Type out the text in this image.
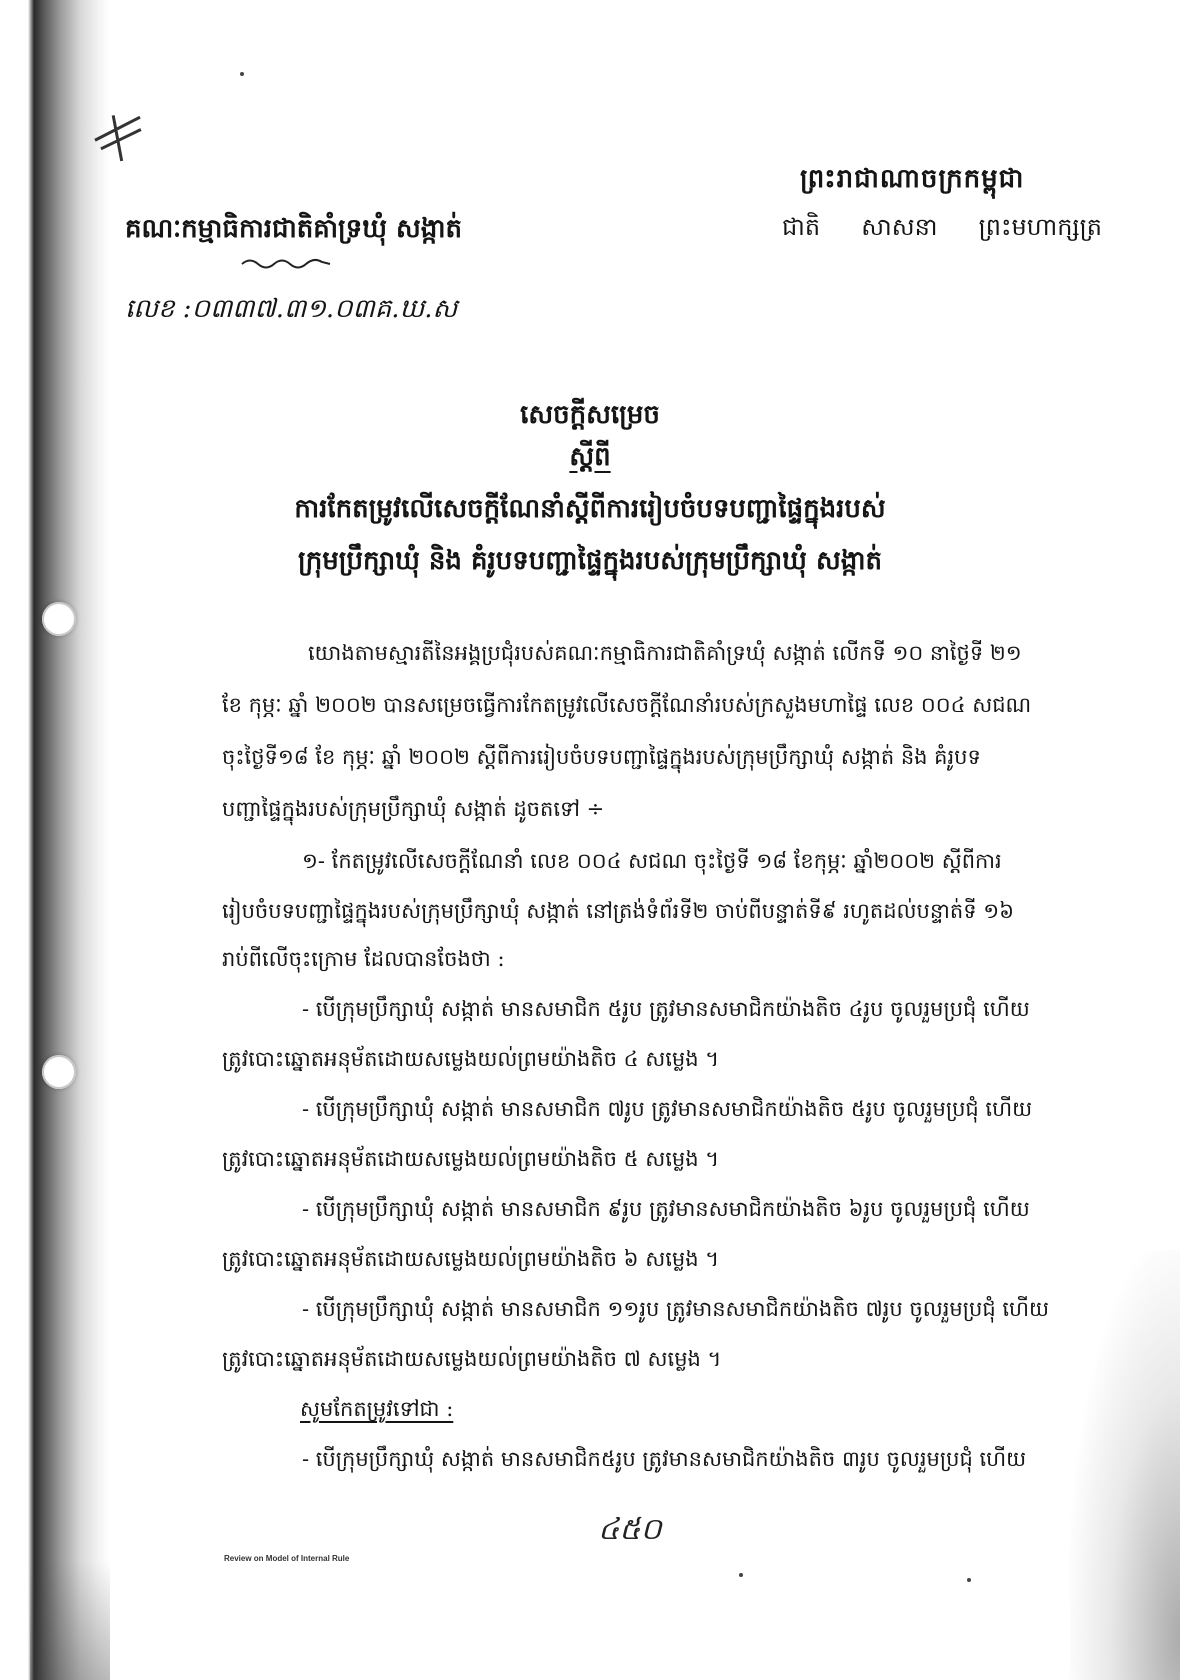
ព្រះរាជាណាចក្រកម្ពុជា
ជាតិ សាសនា ព្រះមហាក្សត្រ
គណៈកម្មាធិការជាតិគាំទ្រឃុំ សង្កាត់
លេខ :០៣៣៧.៣១.០៣គ.ឃ.ស
សេចក្តីសម្រេច
ស្តីពី
ការកែតម្រូវលើសេចក្តីណែនាំស្តីពីការរៀបចំបទបញ្ជាផ្ទៃក្នុងរបស់
ក្រុមប្រឹក្សាឃុំ និង គំរូបទបញ្ជាផ្ទៃក្នុងរបស់ក្រុមប្រឹក្សាឃុំ សង្កាត់
យោងតាមស្មារតីនៃអង្គប្រជុំរបស់គណៈកម្មាធិការជាតិគាំទ្រឃុំ សង្កាត់ លើកទី ១០ នាថ្ងៃទី ២១
ខែ កុម្ភៈ ឆ្នាំ ២០០២ បានសម្រេចធ្វើការកែតម្រូវលើសេចក្តីណែនាំរបស់ក្រសួងមហាផ្ទៃ លេខ ០០៤ សជណ
ចុះថ្ងៃទី១៨ ខែ កុម្ភៈ ឆ្នាំ ២០០២ ស្តីពីការរៀបចំបទបញ្ជាផ្ទៃក្នុងរបស់ក្រុមប្រឹក្សាឃុំ សង្កាត់ និង គំរូបទ
បញ្ជាផ្ទៃក្នុងរបស់ក្រុមប្រឹក្សាឃុំ សង្កាត់ ដូចតទៅ ÷
១- កែតម្រូវលើសេចក្តីណែនាំ លេខ ០០៤ សជណ ចុះថ្ងៃទី ១៨ ខែកុម្ភៈ ឆ្នាំ២០០២ ស្តីពីការ
រៀបចំបទបញ្ជាផ្ទៃក្នុងរបស់ក្រុមប្រឹក្សាឃុំ សង្កាត់ នៅត្រង់ទំព័រទី២ ចាប់ពីបន្ទាត់ទី៩ រហូតដល់បន្ទាត់ទី ១៦
រាប់ពីលើចុះក្រោម ដែលបានចែងថា :
- បើក្រុមប្រឹក្សាឃុំ សង្កាត់ មានសមាជិក ៥រូប ត្រូវមានសមាជិកយ៉ាងតិច ៤រូប ចូលរួមប្រជុំ ហើយ
ត្រូវបោះឆ្នោតអនុម័តដោយសម្លេងយល់ព្រមយ៉ាងតិច ៤ សម្លេង ។
- បើក្រុមប្រឹក្សាឃុំ សង្កាត់ មានសមាជិក ៧រូប ត្រូវមានសមាជិកយ៉ាងតិច ៥រូប ចូលរួមប្រជុំ ហើយ
ត្រូវបោះឆ្នោតអនុម័តដោយសម្លេងយល់ព្រមយ៉ាងតិច ៥ សម្លេង ។
- បើក្រុមប្រឹក្សាឃុំ សង្កាត់ មានសមាជិក ៩រូប ត្រូវមានសមាជិកយ៉ាងតិច ៦រូប ចូលរួមប្រជុំ ហើយ
ត្រូវបោះឆ្នោតអនុម័តដោយសម្លេងយល់ព្រមយ៉ាងតិច ៦ សម្លេង ។
- បើក្រុមប្រឹក្សាឃុំ សង្កាត់ មានសមាជិក ១១រូប ត្រូវមានសមាជិកយ៉ាងតិច ៧រូប ចូលរួមប្រជុំ ហើយ
ត្រូវបោះឆ្នោតអនុម័តដោយសម្លេងយល់ព្រមយ៉ាងតិច ៧ សម្លេង ។
សូមកែតម្រូវទៅជា :
- បើក្រុមប្រឹក្សាឃុំ សង្កាត់ មានសមាជិក៥រូប ត្រូវមានសមាជិកយ៉ាងតិច ៣រូប ចូលរួមប្រជុំ ហើយ
៤៥០
Review on Model of Internal Rule
